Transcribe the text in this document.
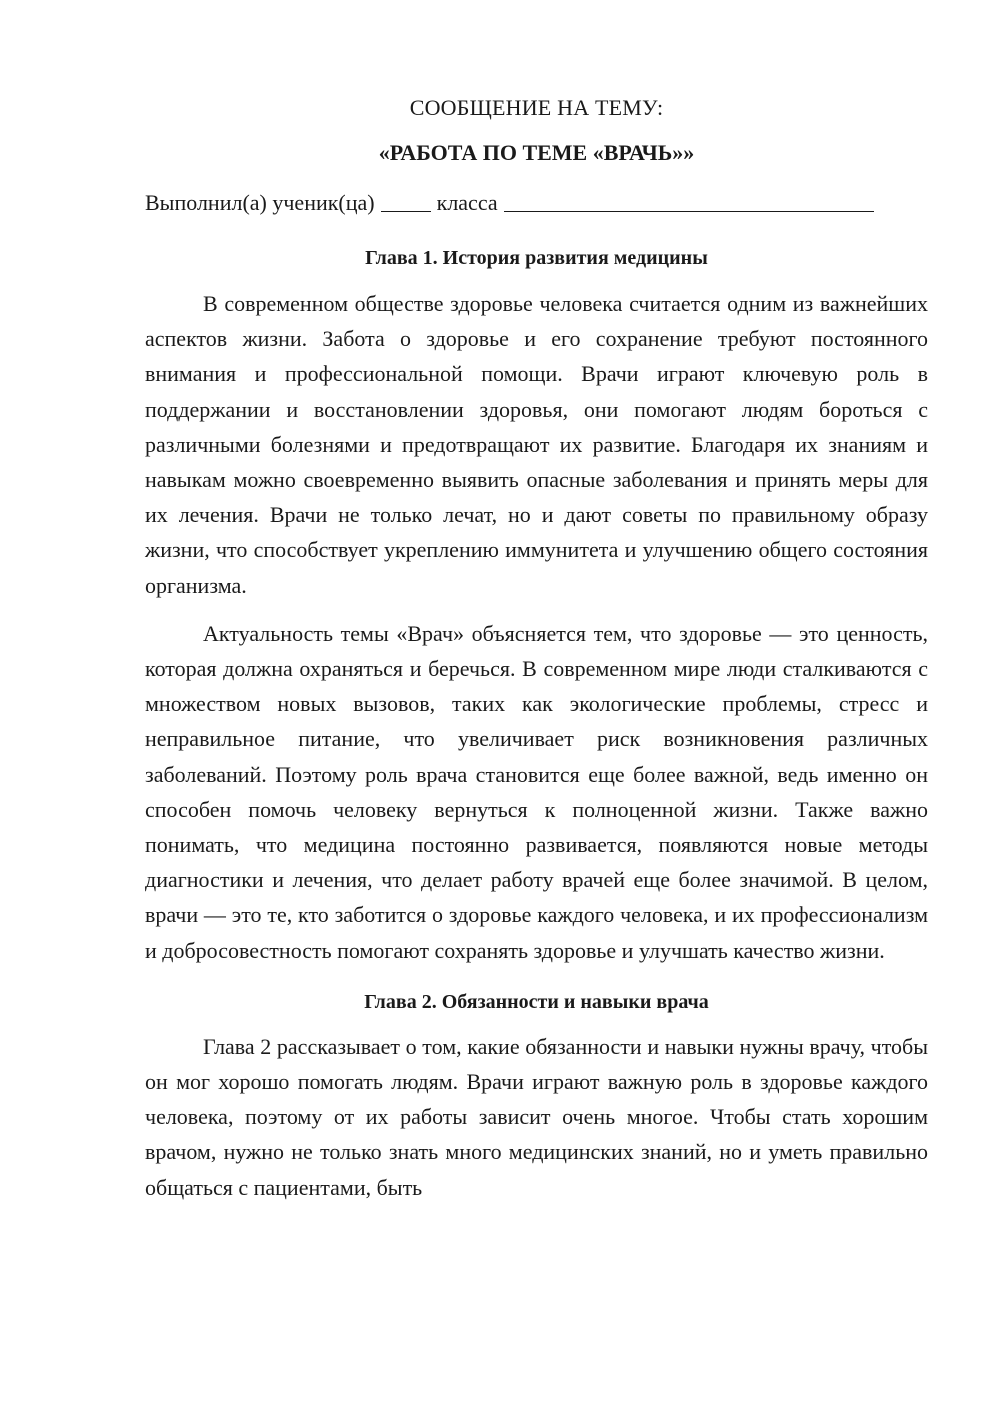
СООБЩЕНИЕ НА ТЕМУ:

«РАБОТА ПО ТЕМЕ «ВРАЧЬ»»

Выполнил(а) ученик(ца)	класса

Глава 1. История развития медицины

В современном обществе здоровье человека считается одним из важнейших аспектов жизни. Забота о здоровье и его сохранение требуют постоянного внимания и профессиональной помощи. Врачи играют ключевую роль в поддержании и восстановлении здоровья, они помогают людям бороться с различными болезнями и предотвращают их развитие. Благодаря их знаниям и навыкам можно своевременно выявить опасные заболевания и принять меры для их лечения. Врачи не только лечат, но и дают советы по правильному образу жизни, что способствует укреплению иммунитета и улучшению общего состояния организма.

Актуальность темы «Врач» объясняется тем, что здоровье — это ценность, которая должна охраняться и беречься. В современном мире люди сталкиваются с множеством новых вызовов, таких как экологические проблемы, стресс и неправильное питание, что увеличивает риск возникновения различных заболеваний. Поэтому роль врача становится еще более важной, ведь именно он способен помочь человеку вернуться к полноценной жизни. Также важно понимать, что медицина постоянно развивается, появляются новые методы диагностики и лечения, что делает работу врачей еще более значимой. В целом, врачи — это те, кто заботится о здоровье каждого человека, и их профессионализм и добросовестность помогают сохранять здоровье и улучшать качество жизни.

Глава 2. Обязанности и навыки врача

Глава 2 рассказывает о том, какие обязанности и навыки нужны врачу, чтобы он мог хорошо помогать людям. Врачи играют важную роль в здоровье каждого человека, поэтому от их работы зависит очень многое. Чтобы стать хорошим врачом, нужно не только знать много медицинских знаний, но и уметь правильно общаться с пациентами, быть
